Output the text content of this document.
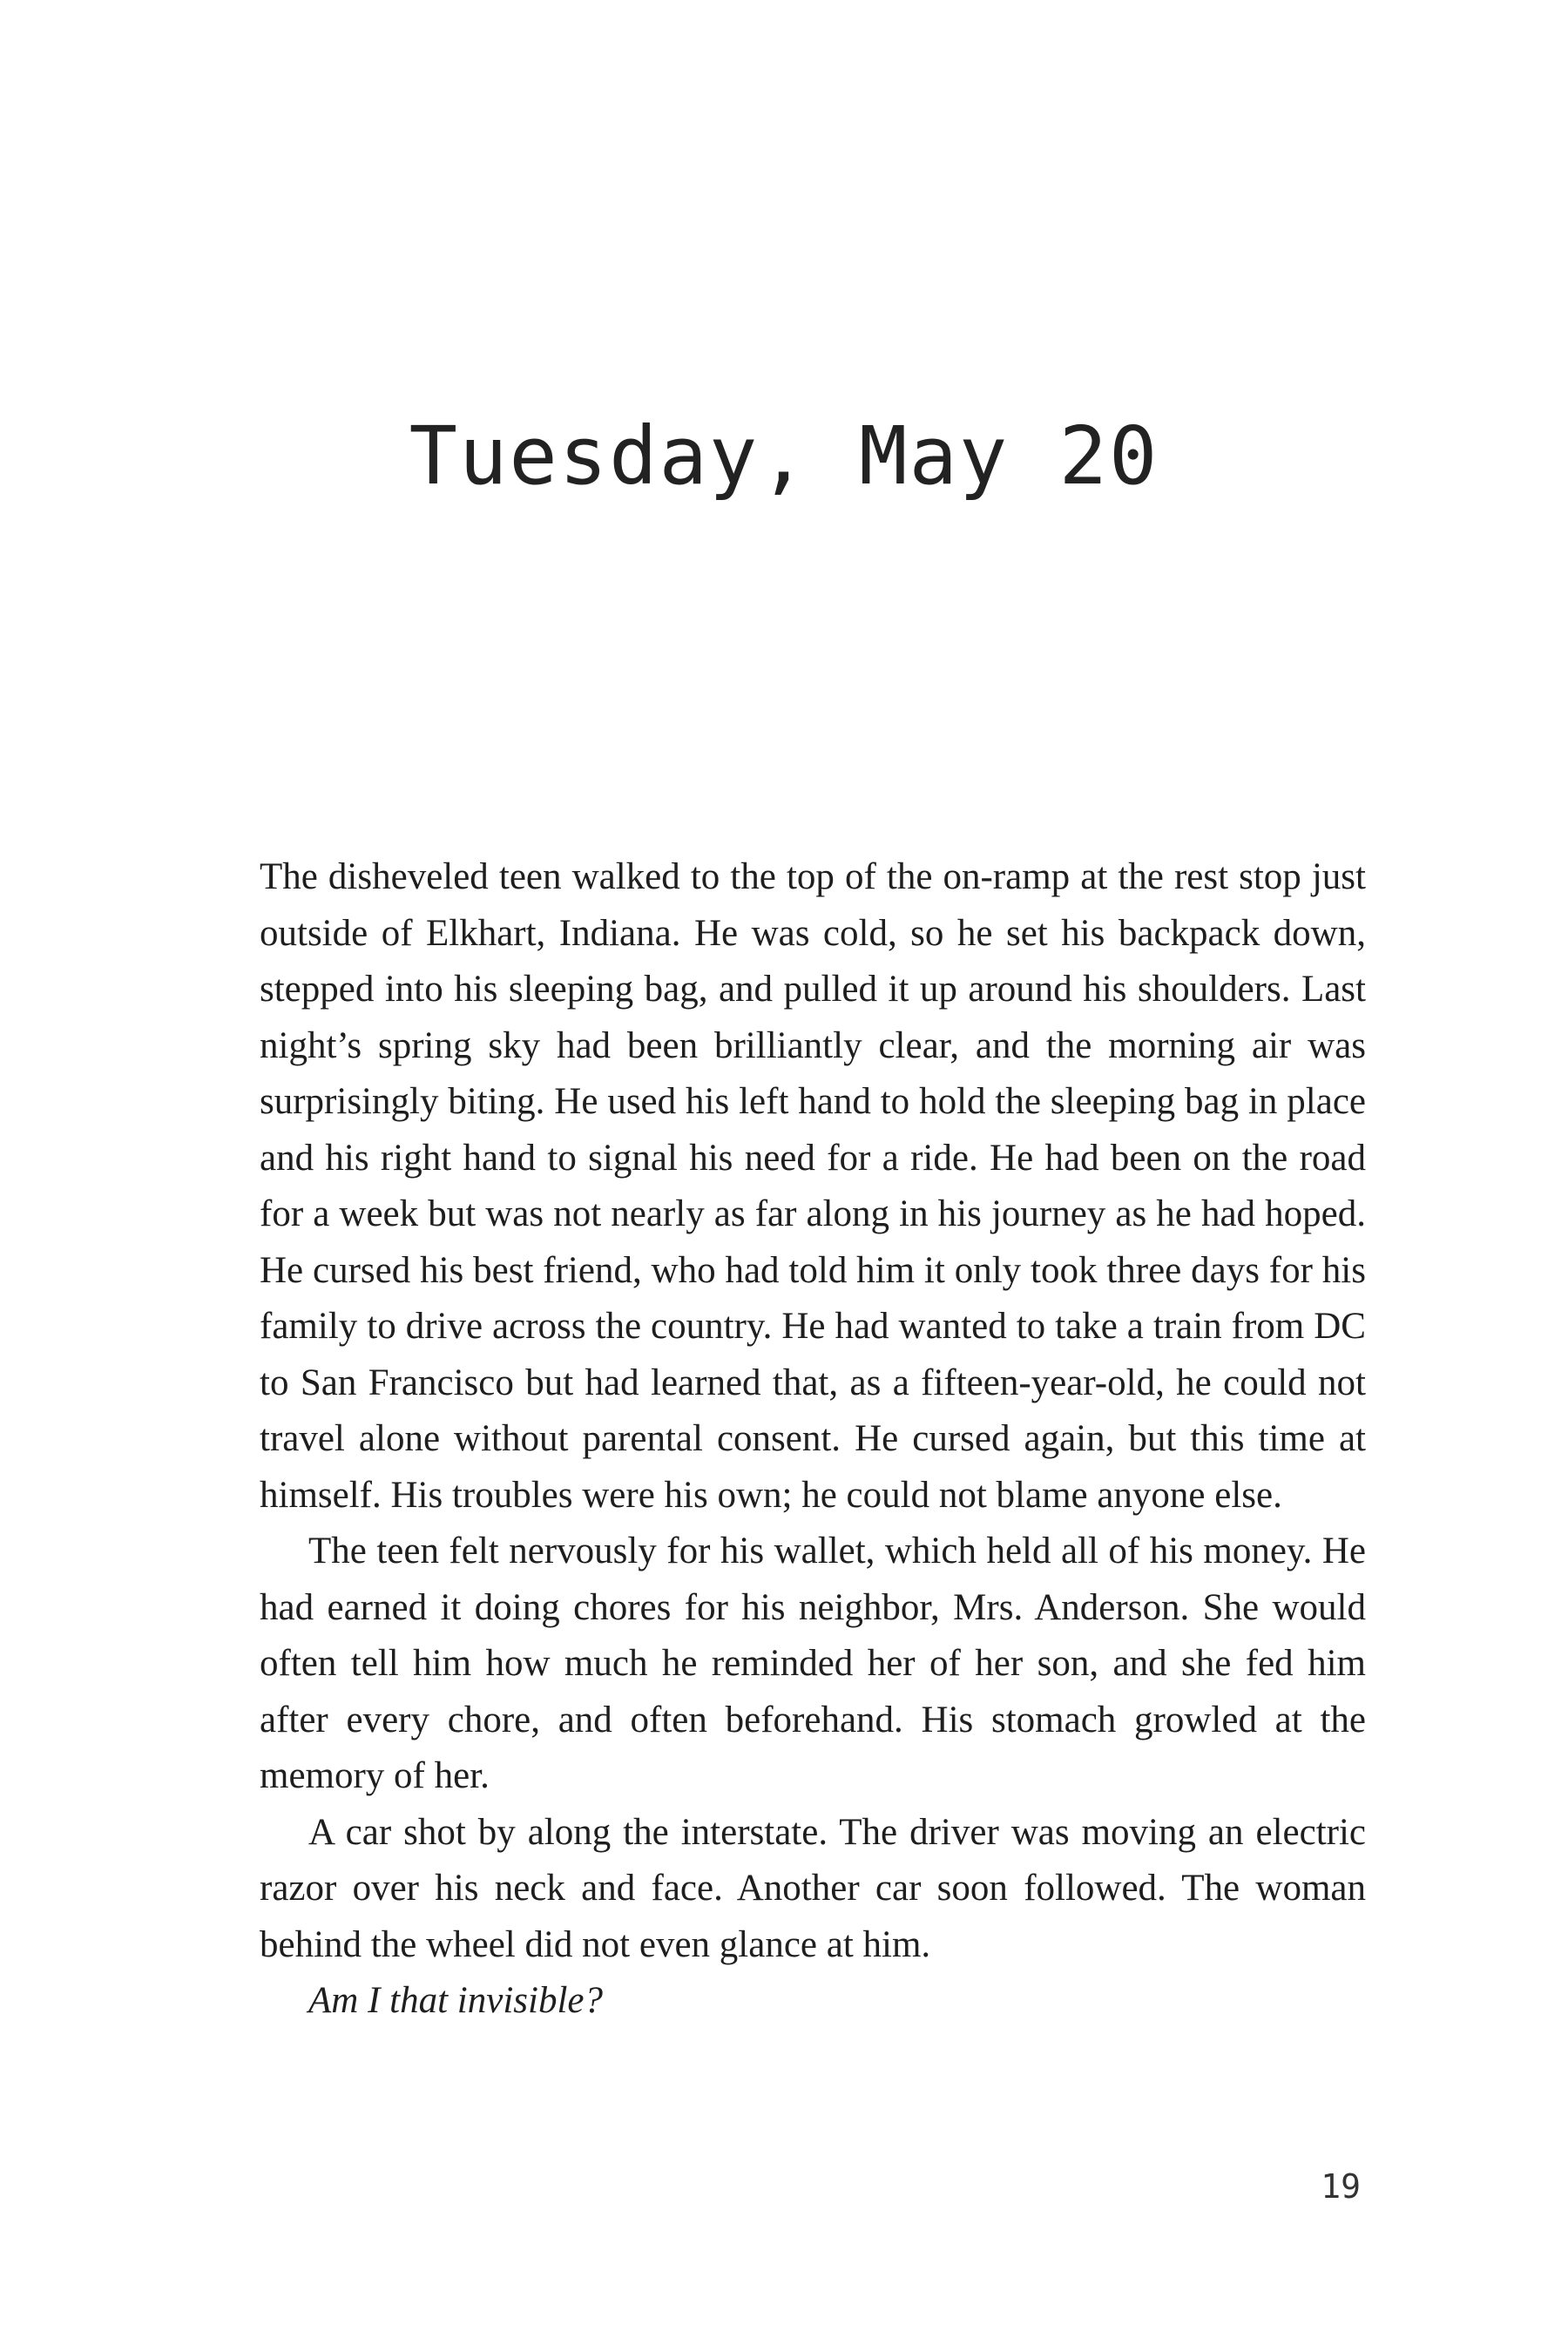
Tuesday, May 20

The disheveled teen walked to the top of the on-ramp at the rest stop just outside of Elkhart, Indiana. He was cold, so he set his backpack down, stepped into his sleeping bag, and pulled it up around his shoulders. Last night’s spring sky had been brilliantly clear, and the morning air was surprisingly biting. He used his left hand to hold the sleeping bag in place and his right hand to signal his need for a ride. He had been on the road for a week but was not nearly as far along in his journey as he had hoped. He cursed his best friend, who had told him it only took three days for his family to drive across the country. He had wanted to take a train from DC to San Francisco but had learned that, as a fifteen-year-old, he could not travel alone without parental consent. He cursed again, but this time at himself. His troubles were his own; he could not blame anyone else.

The teen felt nervously for his wallet, which held all of his money. He had earned it doing chores for his neighbor, Mrs. Anderson. She would often tell him how much he reminded her of her son, and she fed him after every chore, and often beforehand. His stomach growled at the memory of her.

A car shot by along the interstate. The driver was moving an electric razor over his neck and face. Another car soon followed. The woman behind the wheel did not even glance at him.

Am I that invisible?

19
